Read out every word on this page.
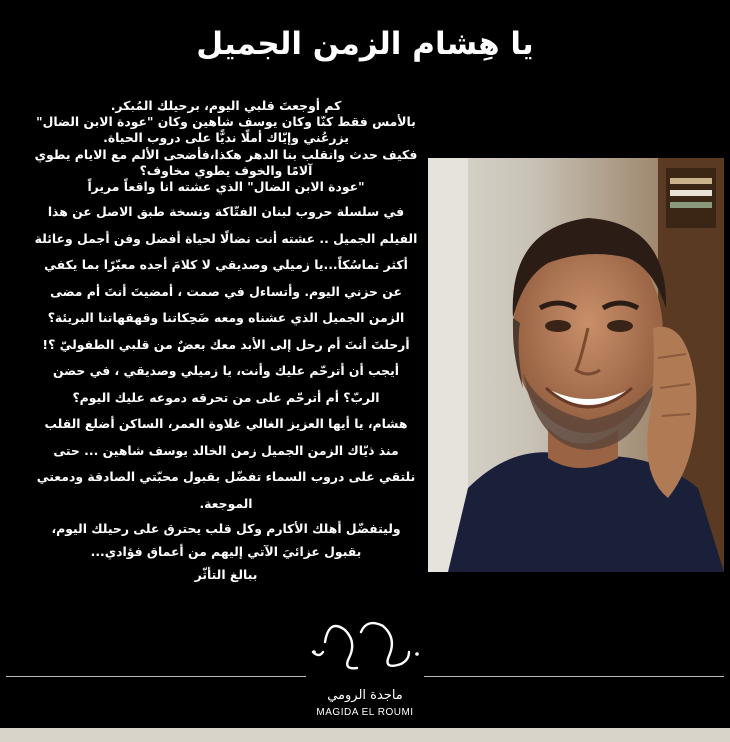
يا هِشام الزمن الجميل

كم أوجعتَ قلبي اليوم، برحيلك المُبكر.

بالأمس فقط كنّا وكان يوسف شاهين وكان "عودة الابن الضال"

يزرعُني وإيّاك أملًا نديًّا على دروب الحياة.

فكيف حدث وانقلب بنا الدهر هكذا،فأضحى الألم مع الايام يطوي

آلامًا والخوف يطوي مخاوف؟

"عودة الابن الضال" الذي عشته انا واقعاً مريراً

في سلسلة حروب لبنان الفتّاكة ونسخة طبق الاصل عن هذا

الفيلم الجميل .. عشته أنت نضالًا لحياة أفضل وفن أجمل وعائلة

أكثر تماسُكاً...يا زميلي وصديقي لا كلامَ أجده معبّرًا بما يكفي

عن حزني اليوم. وأتساءل في صمت ، أمضيتَ أنتَ أم مضى

الزمن الجميل الذي عشناه ومعه ضَحِكاتنا وقهقهاتنا البريئة؟

أرحلتَ أنتَ أم رحل إلى الأبد معك بعضٌ من قلبي الطفوليّ ؟!

أيجب أن أترحّم عليك وأنت، يا زميلي وصديقي ، في حضن

الربّ؟ أم أترحّم على من تحرقه دموعه عليك اليوم؟

هشام، يا أيها العزيز الغالي غلاوة العمر، الساكن أضلع القلب

منذ ذيّاك الزمن الجميل زمن الخالد يوسف شاهين ... حتى

نلتقي على دروب السماء تفضّل بقبول محبّتي الصادقة ودمعتي

الموجعة.

وليتفضّل أهلك الأكارم وكل قلب يحترق على رحيلك اليوم،

بقبول عزائيَ الآتي إليهم من أعماق فؤادي...

ببالغ التأثّر

ماجدة الرومي
MAGIDA EL ROUMI
